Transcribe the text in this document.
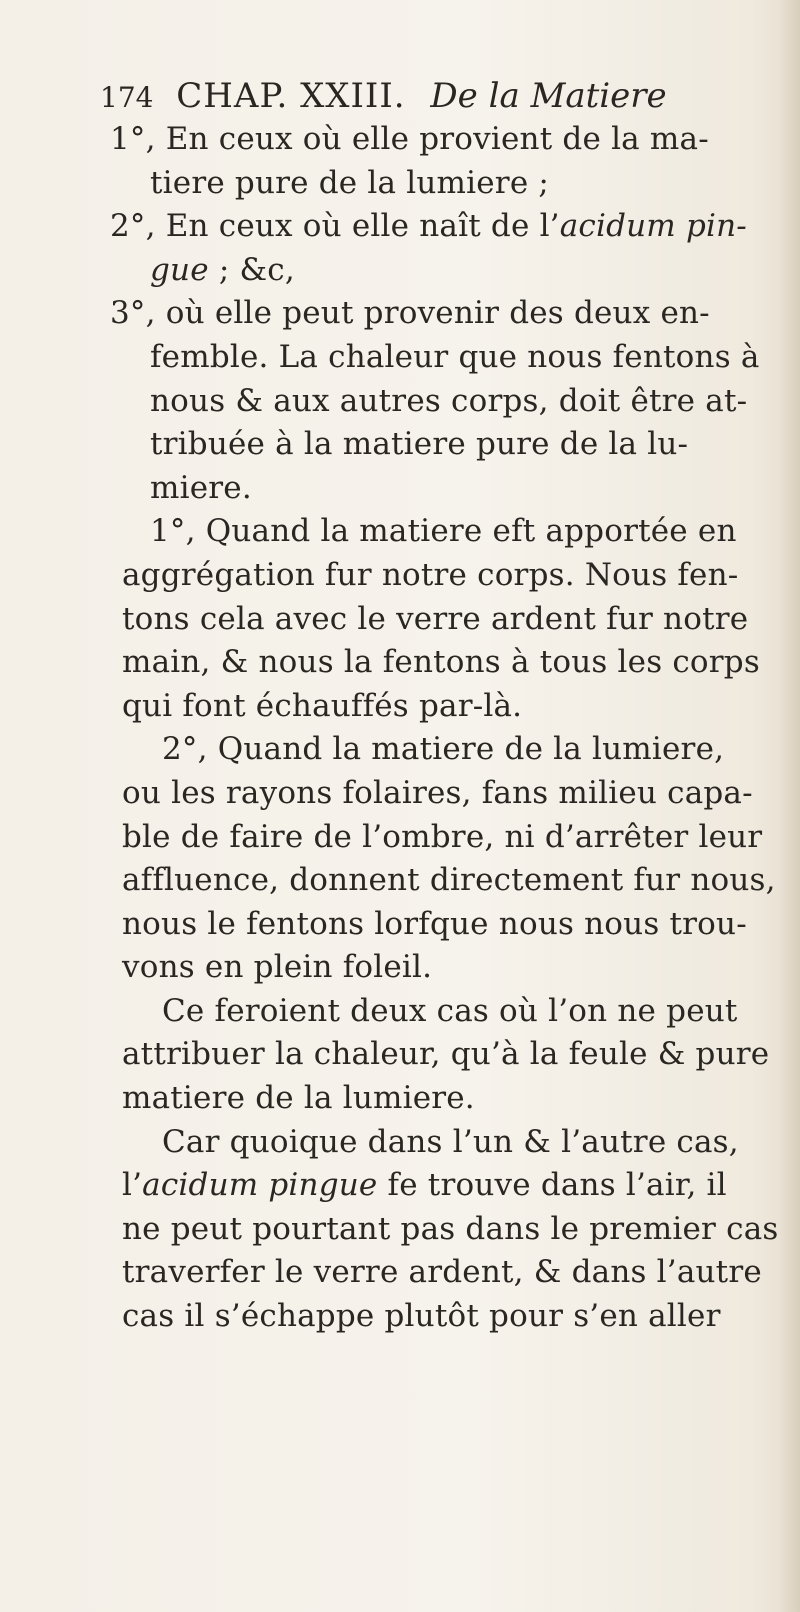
174 CHAP. XXIII. De la Matiere
1°, En ceux où elle provient de la ma-
tiere pure de la lumiere ;
2°, En ceux où elle naît de l’acidum pin-
gue ; &c,
3°, où elle peut provenir des deux en-
femble. La chaleur que nous fentons à
nous & aux autres corps, doit être at-
tribuée à la matiere pure de la lu-
miere.
1°, Quand la matiere eft apportée en
aggrégation fur notre corps. Nous fen-
tons cela avec le verre ardent fur notre
main, & nous la fentons à tous les corps
qui font échauffés par-là.
2°, Quand la matiere de la lumiere,
ou les rayons folaires, fans milieu capa-
ble de faire de l’ombre, ni d’arrêter leur
affluence, donnent directement fur nous,
nous le fentons lorfque nous nous trou-
vons en plein foleil.
Ce feroient deux cas où l’on ne peut
attribuer la chaleur, qu’à la feule & pure
matiere de la lumiere.
Car quoique dans l’un & l’autre cas,
l’acidum pingue fe trouve dans l’air, il
ne peut pourtant pas dans le premier cas
traverfer le verre ardent, & dans l’autre
cas il s’échappe plutôt pour s’en aller
